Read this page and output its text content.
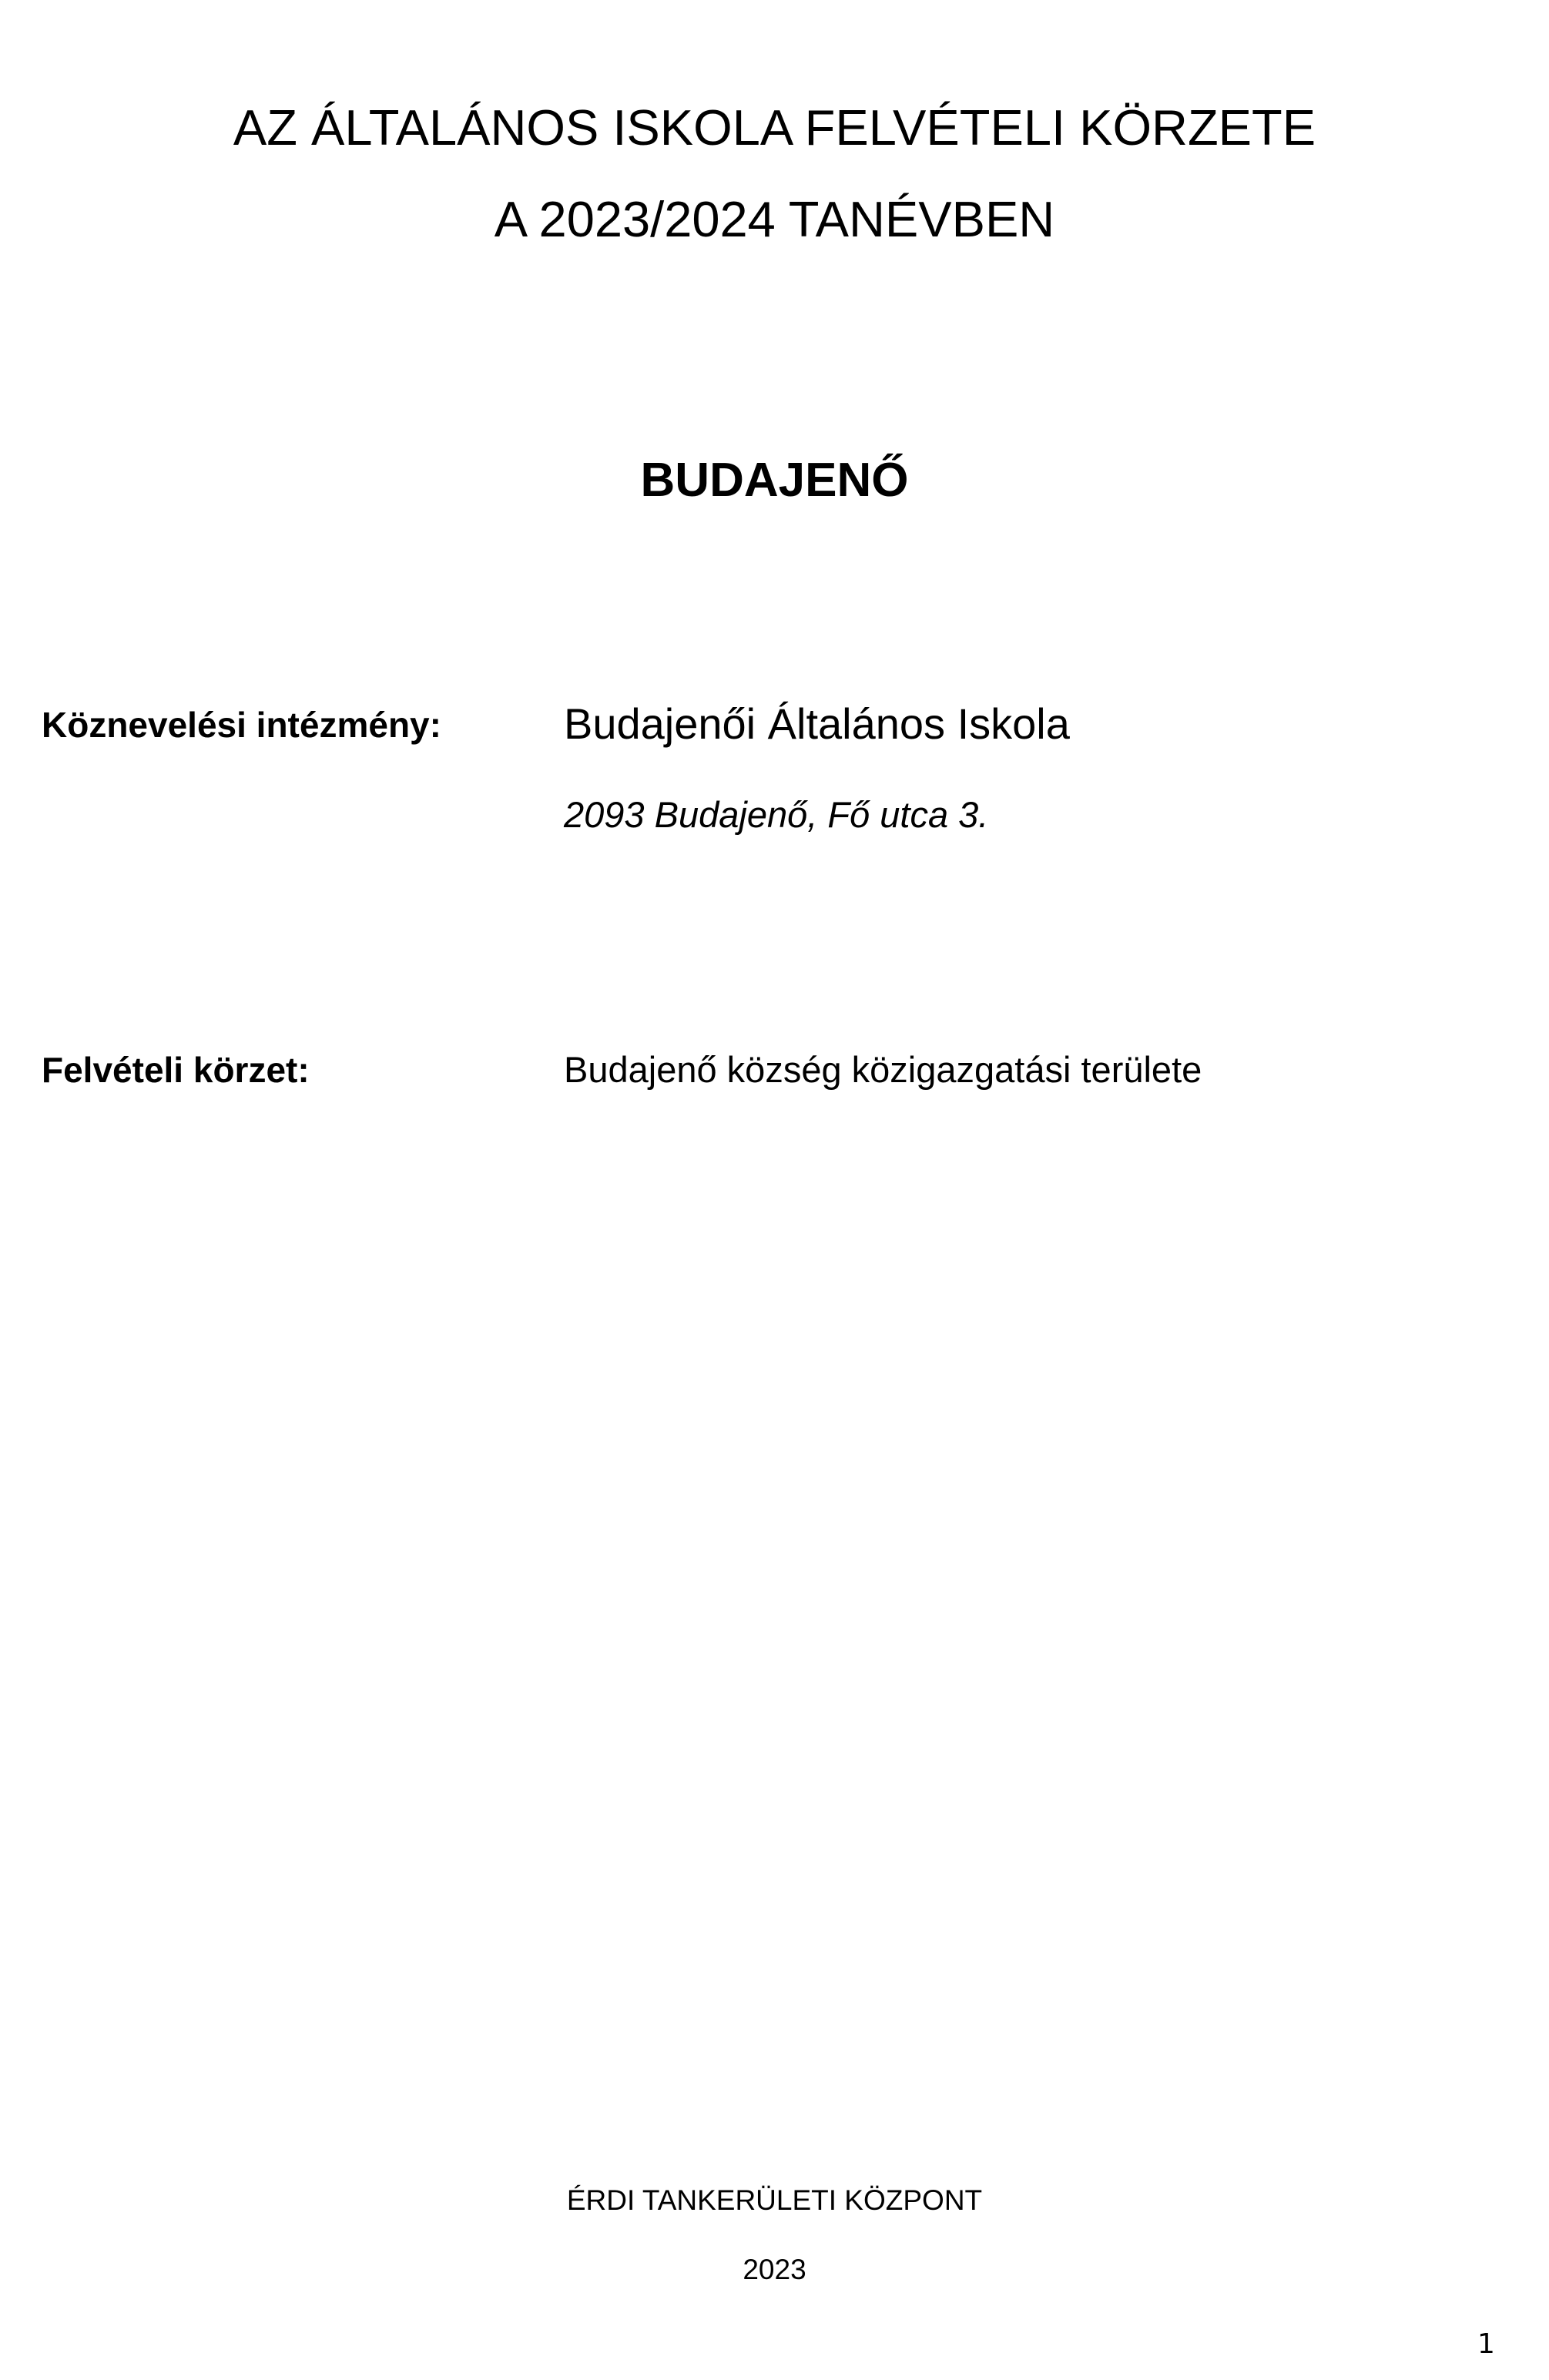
AZ ÁLTALÁNOS ISKOLA FELVÉTELI KÖRZETE
A 2023/2024 TANÉVBEN
BUDAJENŐ
Köznevelési intézmény:	Budajenői Általános Iskola
2093 Budajenő, Fő utca 3.
Felvételi körzet:	Budajenő község közigazgatási területe
ÉRDI TANKERÜLETI KÖZPONT
2023
1
